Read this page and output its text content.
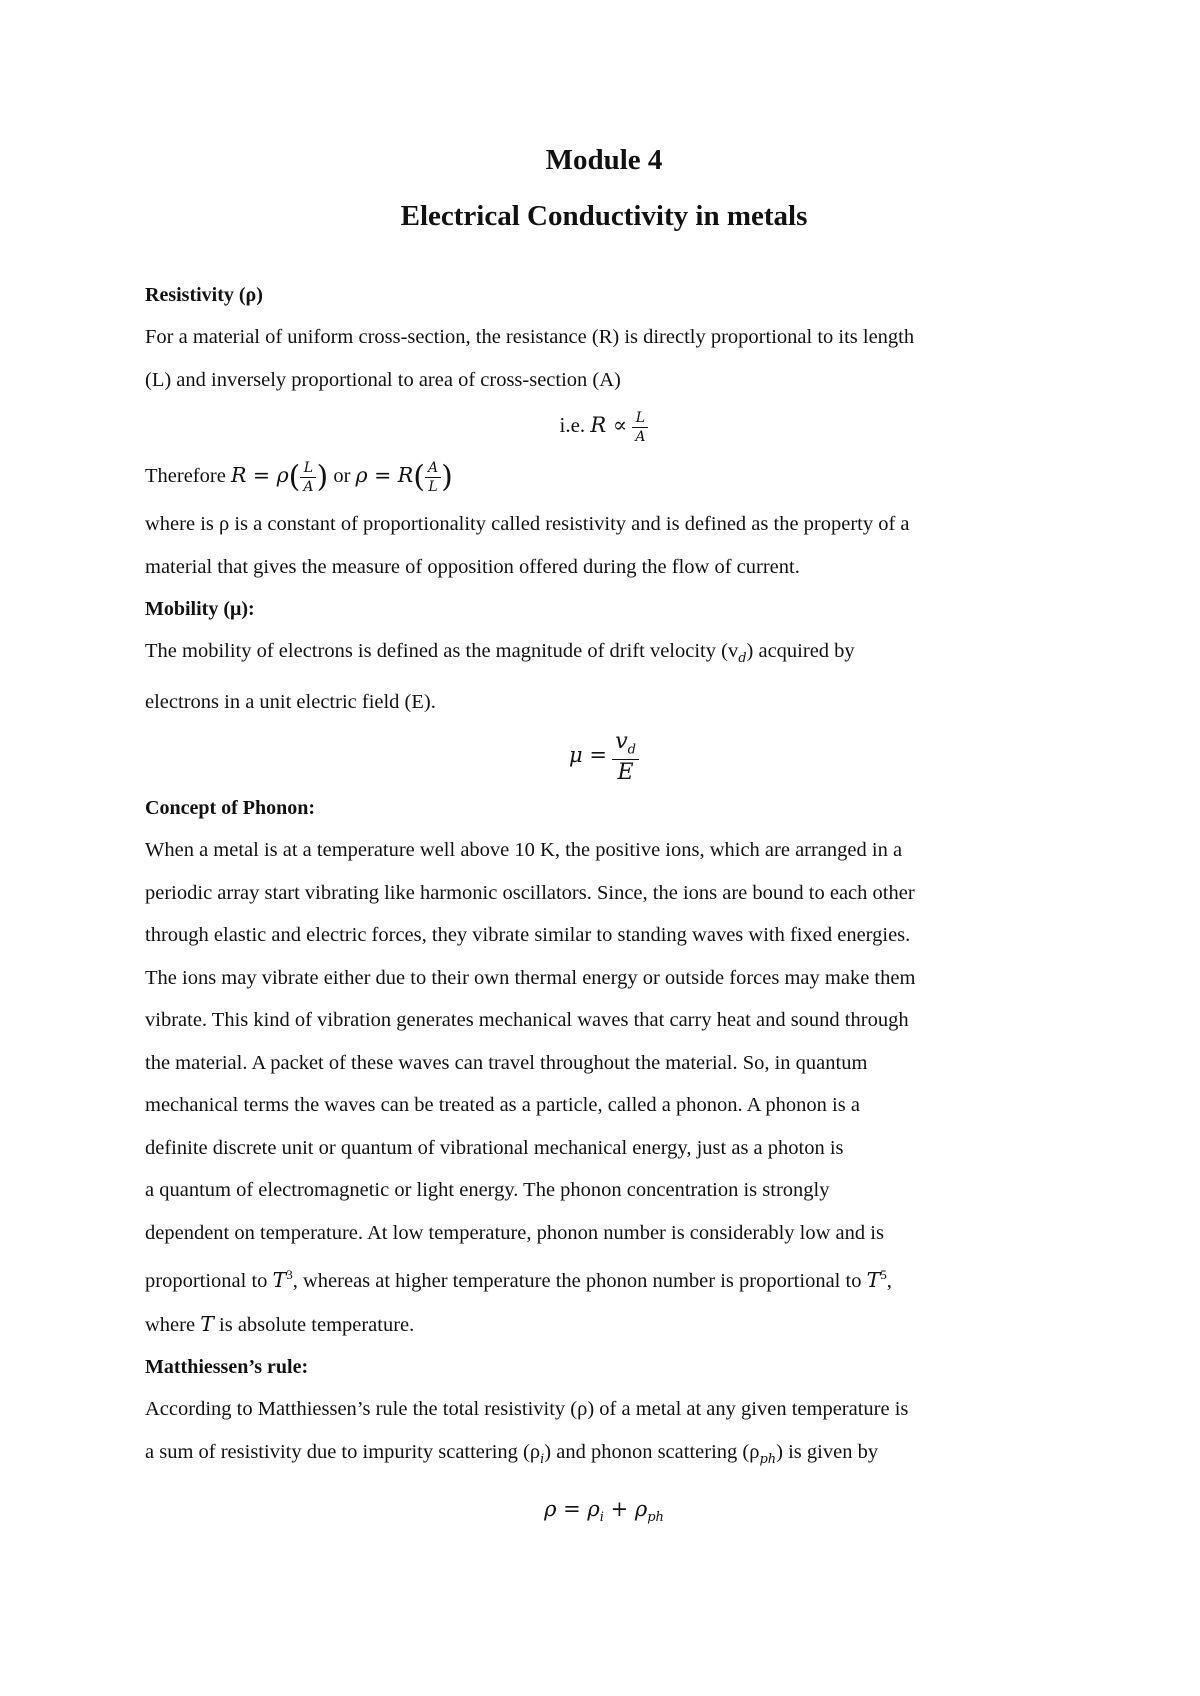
Module 4
Electrical Conductivity in metals
Resistivity (ρ)

For a material of uniform cross-section, the resistance (R) is directly proportional to its length

(L) and inversely proportional to area of cross-section (A)

i.e. $R \propto \frac{L}{A}$

Therefore $R = \rho( \frac{L}{A}$ ) or $\rho = R( \frac{A}{L}$ )

where is ρ is a constant of proportionality called resistivity and is defined as the property of a

material that gives the measure of opposition offered during the flow of current.

Mobility (μ):

The mobility of electrons is defined as the magnitude of drift velocity $(v_d)$ acquired by

electrons in a unit electric field (E).

$\mu = \frac{v_d}{E}$

Concept of Phonon:

When a metal is at a temperature well above 10 K, the positive ions, which are arranged in a

periodic array start vibrating like harmonic oscillators. Since, the ions are bound to each other

through elastic and electric forces, they vibrate similar to standing waves with fixed energies.

The ions may vibrate either due to their own thermal energy or outside forces may make them

vibrate. This kind of vibration generates mechanical waves that carry heat and sound through

the material. A packet of these waves can travel throughout the material. So, in quantum

mechanical terms the waves can be treated as a particle, called a phonon. A phonon is a

definite discrete unit or quantum of vibrational mechanical energy, just as a photon is

a quantum of electromagnetic or light energy. The phonon concentration is strongly

dependent on temperature. At low temperature, phonon number is considerably low and is

proportional to $T^3$, whereas at higher temperature the phonon number is proportional to $T^5$,

where T is absolute temperature.

Matthiessen’s rule:

According to Matthiessen’s rule the total resistivity (ρ) of a metal at any given temperature is

a sum of resistivity due to impurity scattering $(\rho_i)$ and phonon scattering $(\rho_{ph})$ is given by

$\rho = \rho_i + \rho_{ph}$
